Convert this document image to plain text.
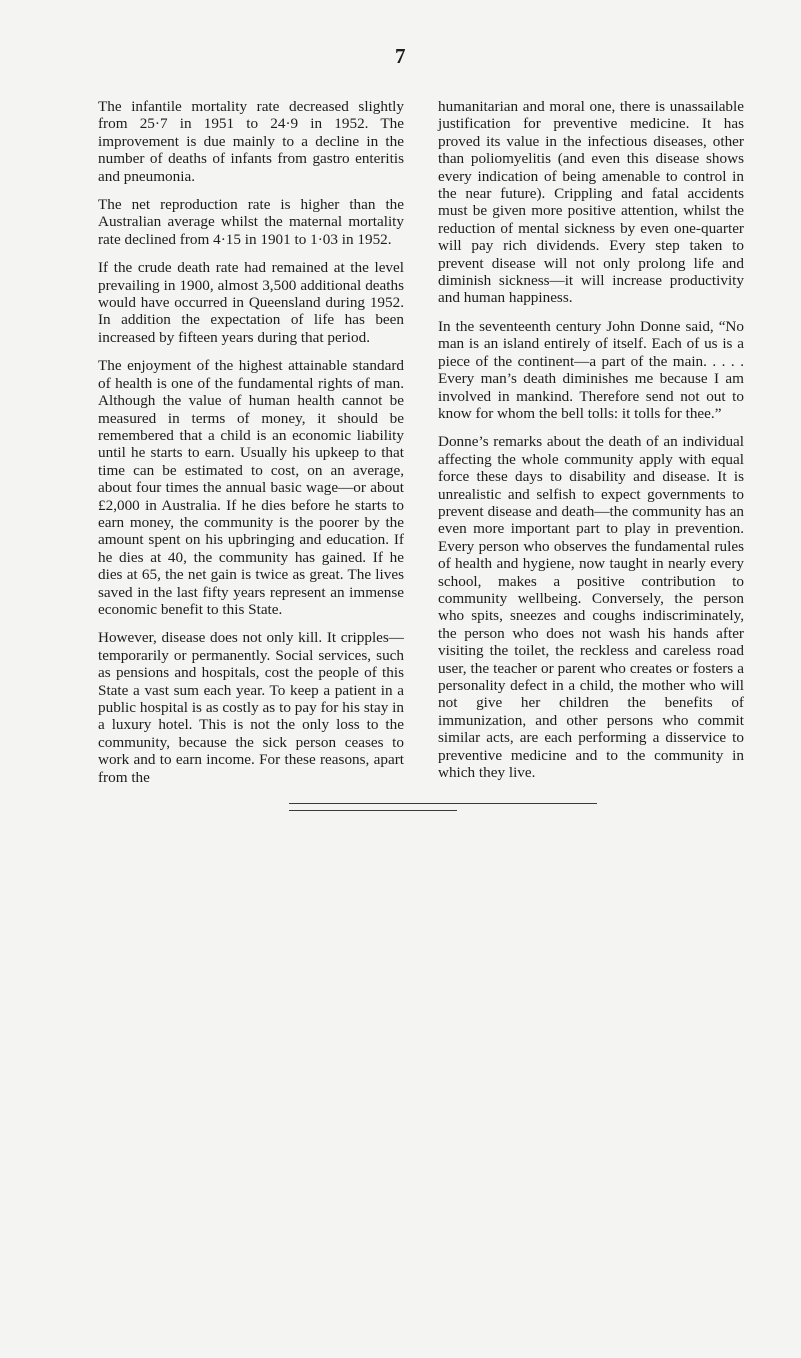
7

The infantile mortality rate decreased slightly from 25·7 in 1951 to 24·9 in 1952. The improvement is due mainly to a decline in the number of deaths of infants from gastro enteritis and pneumonia.

The net reproduction rate is higher than the Australian average whilst the maternal mortality rate declined from 4·15 in 1901 to 1·03 in 1952.

If the crude death rate had remained at the level prevailing in 1900, almost 3,500 additional deaths would have occurred in Queensland during 1952. In addition the expectation of life has been increased by fifteen years during that period.

The enjoyment of the highest attainable standard of health is one of the fundamental rights of man. Although the value of human health cannot be measured in terms of money, it should be remembered that a child is an economic liability until he starts to earn. Usually his upkeep to that time can be estimated to cost, on an average, about four times the annual basic wage—or about £2,000 in Australia. If he dies before he starts to earn money, the community is the poorer by the amount spent on his upbringing and education. If he dies at 40, the community has gained. If he dies at 65, the net gain is twice as great. The lives saved in the last fifty years represent an immense economic benefit to this State.

However, disease does not only kill. It cripples—temporarily or permanently. Social services, such as pensions and hospitals, cost the people of this State a vast sum each year. To keep a patient in a public hospital is as costly as to pay for his stay in a luxury hotel. This is not the only loss to the community, because the sick person ceases to work and to earn income. For these reasons, apart from the

humanitarian and moral one, there is unassailable justification for preventive medicine. It has proved its value in the infectious diseases, other than poliomyelitis (and even this disease shows every indication of being amenable to control in the near future). Crippling and fatal accidents must be given more positive attention, whilst the reduction of mental sickness by even one-quarter will pay rich dividends. Every step taken to prevent disease will not only prolong life and diminish sickness—it will increase productivity and human happiness.

In the seventeenth century John Donne said, “No man is an island entirely of itself. Each of us is a piece of the continent—a part of the main. . . . . Every man’s death diminishes me because I am involved in mankind. Therefore send not out to know for whom the bell tolls: it tolls for thee.”

Donne’s remarks about the death of an individual affecting the whole community apply with equal force these days to disability and disease. It is unrealistic and selfish to expect governments to prevent disease and death—the community has an even more important part to play in prevention. Every person who observes the fundamental rules of health and hygiene, now taught in nearly every school, makes a positive contribution to community wellbeing. Conversely, the person who spits, sneezes and coughs indiscriminately, the person who does not wash his hands after visiting the toilet, the reckless and careless road user, the teacher or parent who creates or fosters a personality defect in a child, the mother who will not give her children the benefits of immunization, and other persons who commit similar acts, are each performing a disservice to preventive medicine and to the community in which they live.
